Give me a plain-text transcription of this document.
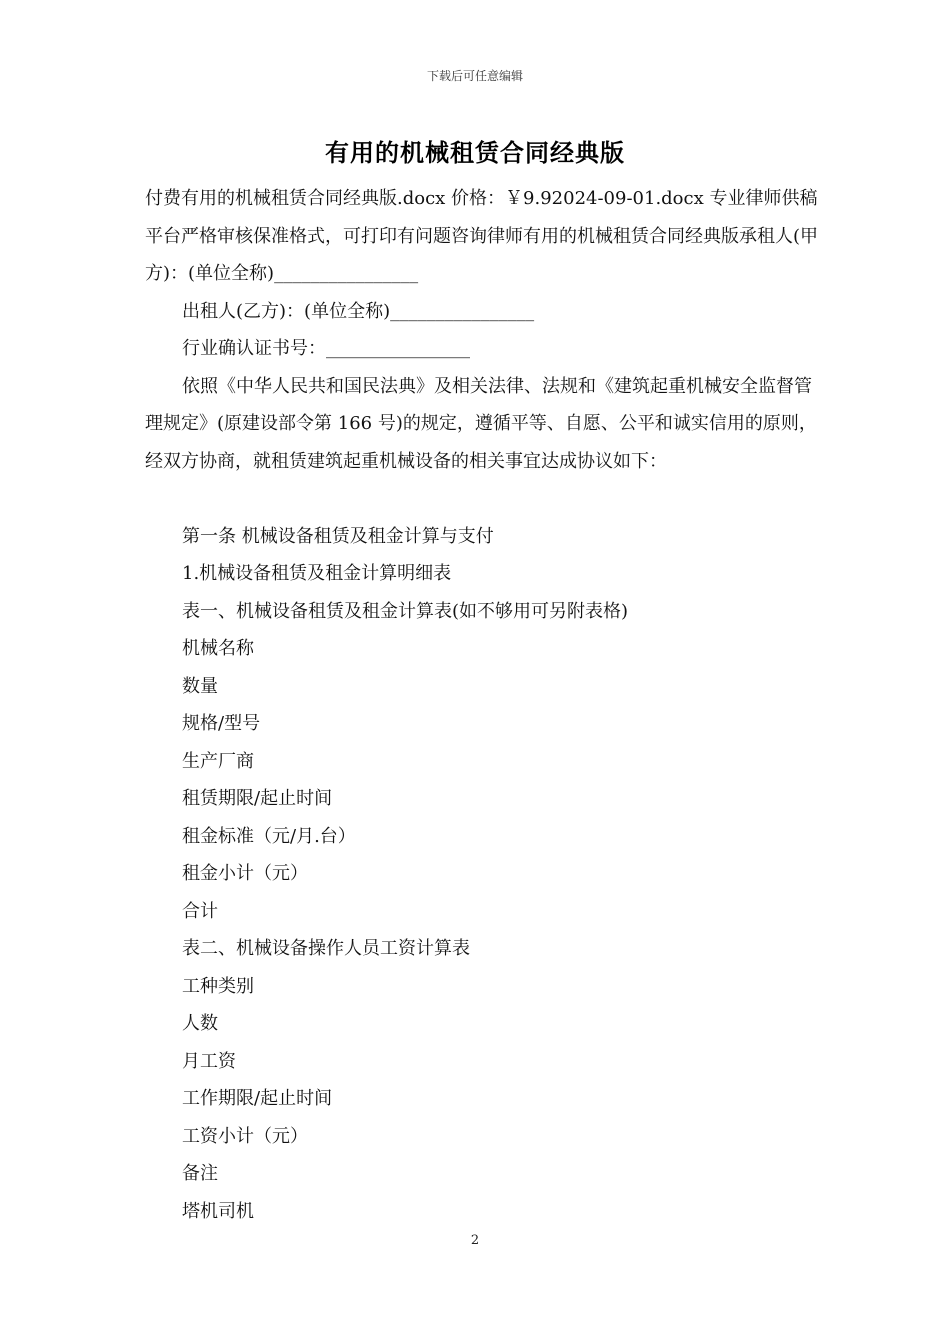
下载后可任意编辑
有用的机械租赁合同经典版

付费有用的机械租赁合同经典版.docx 价格：￥9.92024-09-01.docx 专业律师供稿平台严格审核保准格式，可打印有问题咨询律师有用的机械租赁合同经典版承租人(甲方)：(单位全称)________________

出租人(乙方)：(单位全称)________________

行业确认证书号：________________

依照《中华人民共和国民法典》及相关法律、法规和《建筑起重机械安全监督管理规定》(原建设部令第 166 号)的规定，遵循平等、自愿、公平和诚实信用的原则，经双方协商，就租赁建筑起重机械设备的相关事宜达成协议如下：

第一条 机械设备租赁及租金计算与支付

1.机械设备租赁及租金计算明细表

表一、机械设备租赁及租金计算表(如不够用可另附表格)

机械名称

数量

规格/型号

生产厂商

租赁期限/起止时间

租金标准（元/月.台）

租金小计（元）

合计

表二、机械设备操作人员工资计算表

工种类别

人数

月工资

工作期限/起止时间

工资小计（元）

备注

塔机司机

2
